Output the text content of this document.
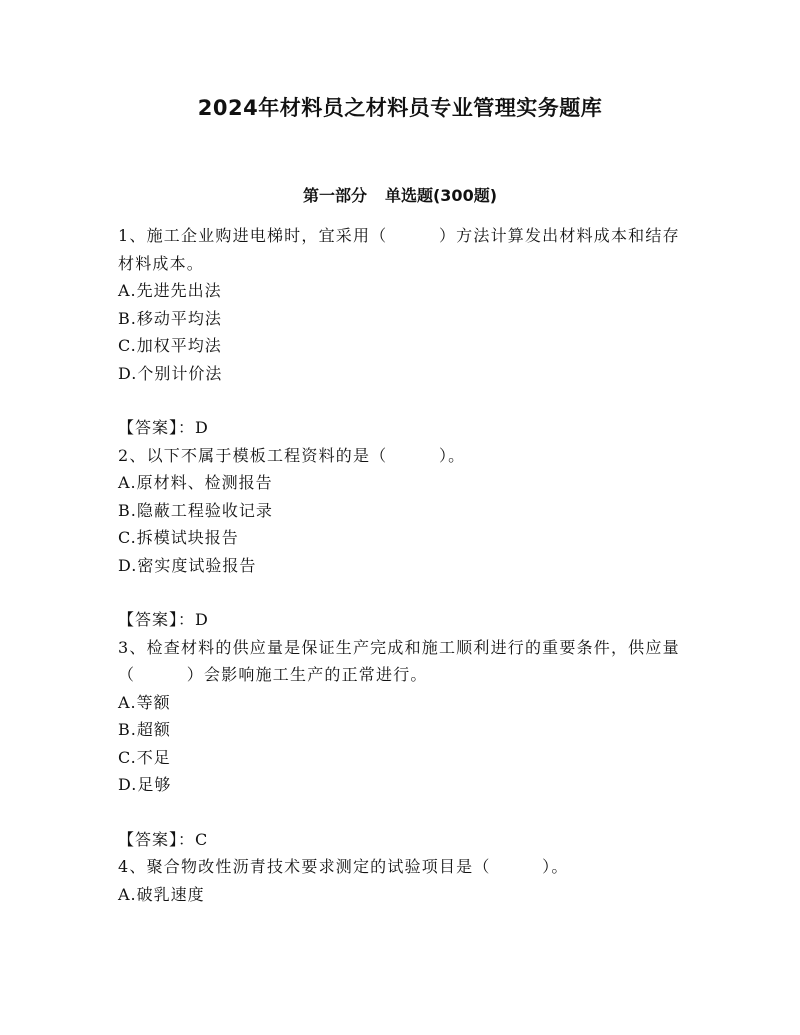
2024年材料员之材料员专业管理实务题库
第一部分 单选题(300题)

1、施工企业购进电梯时，宜采用（　　　）方法计算发出材料成本和结存材料成本。

A.先进先出法

B.移动平均法

C.加权平均法

D.个别计价法

【答案】：D

2、以下不属于模板工程资料的是（　　　）。

A.原材料、检测报告

B.隐蔽工程验收记录

C.拆模试块报告

D.密实度试验报告

【答案】：D

3、检查材料的供应量是保证生产完成和施工顺利进行的重要条件，供应量（　　　）会影响施工生产的正常进行。

A.等额

B.超额

C.不足

D.足够

【答案】：C

4、聚合物改性沥青技术要求测定的试验项目是（　　　）。

A.破乳速度
